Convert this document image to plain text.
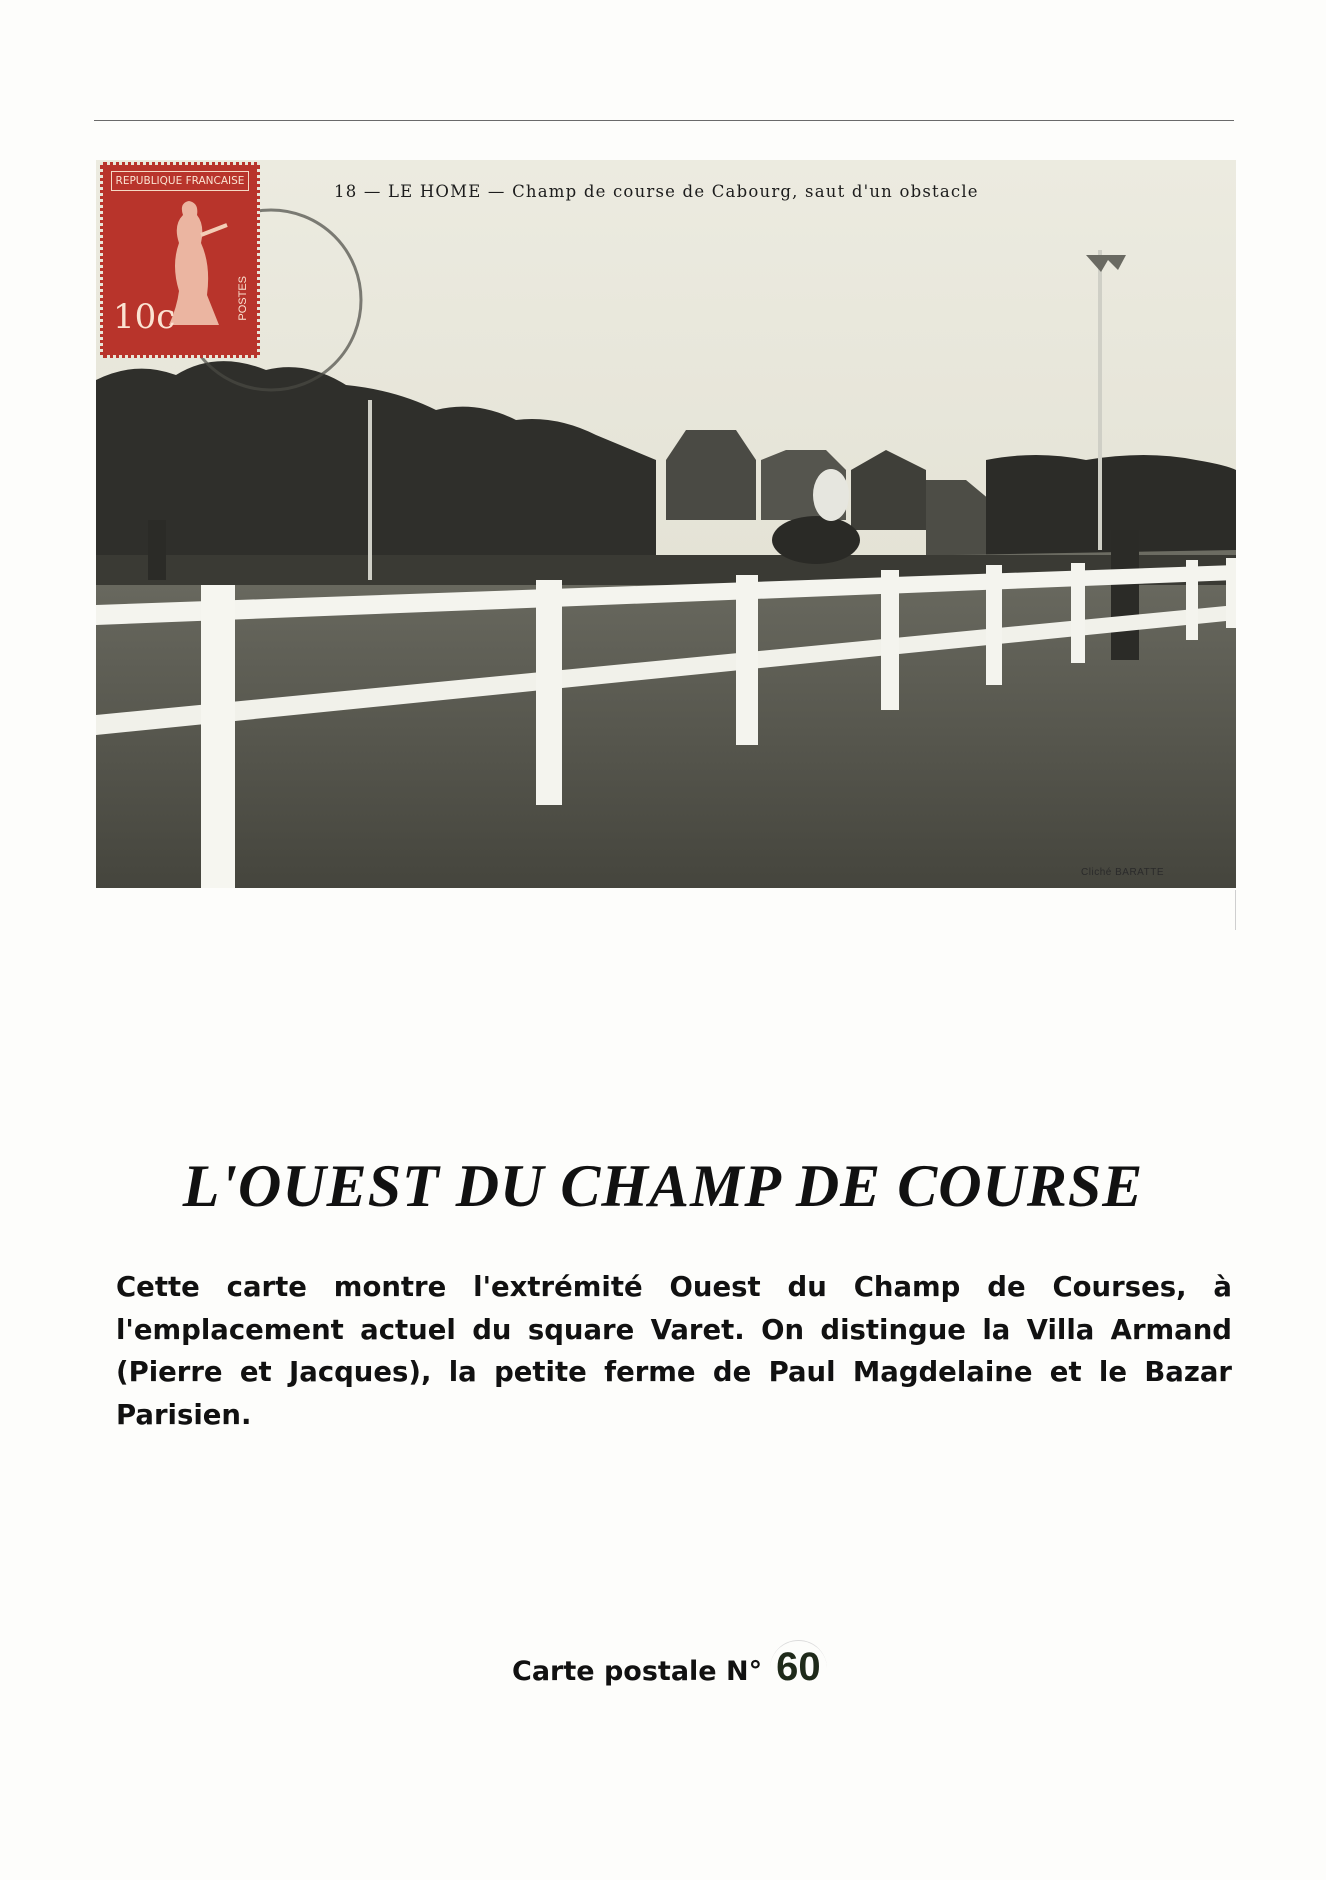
18 — LE HOME — Champ de course de Cabourg, saut d'un obstacle
REPUBLIQUE FRANCAISE
10c	POSTES
Cliché BARATTE
L'OUEST DU CHAMP DE COURSE
Cette carte montre l'extrémité Ouest du Champ de Courses, à l'emplacement actuel du square Varet. On distingue la Villa Armand (Pierre et Jacques), la petite ferme de Paul Magdelaine et le Bazar Parisien.
Carte postale N° 60
